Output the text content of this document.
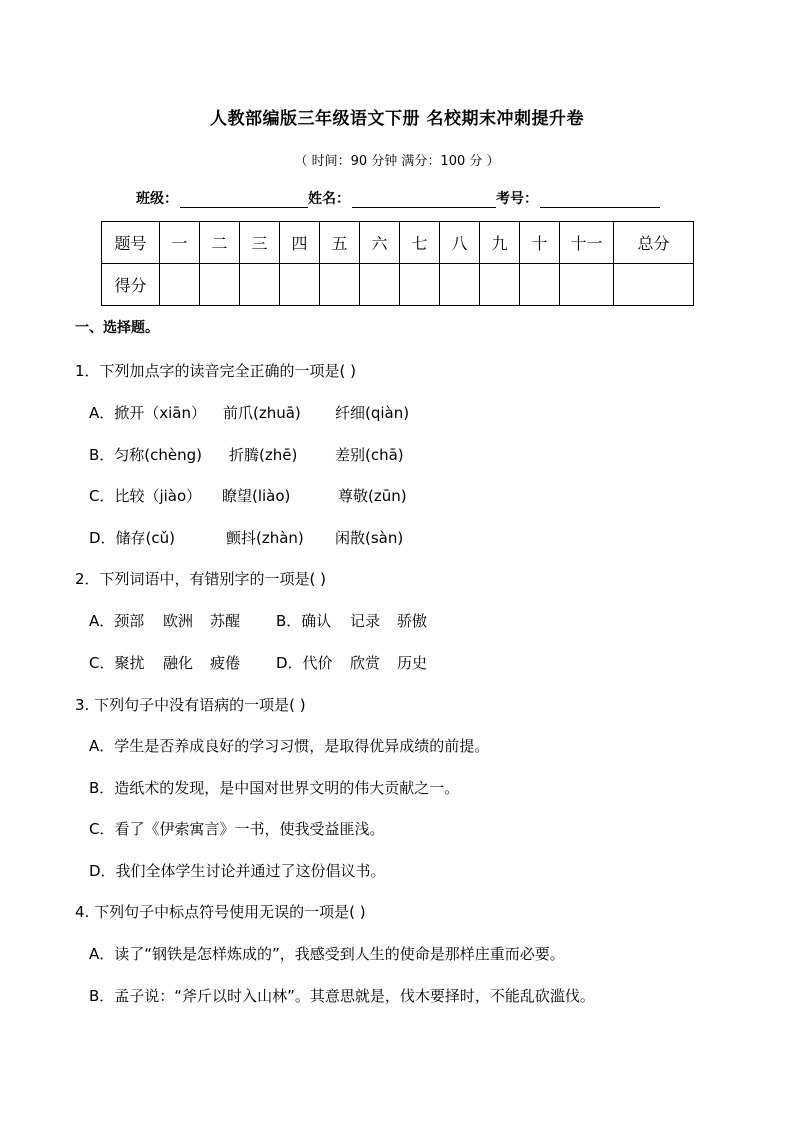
人教部编版三年级语文下册 名校期末冲刺提升卷
（ 时间：90 分钟 满分：100 分 ）
班级：	姓名：	考号：
题号	一	二	三	四	五	六	七	八	九	十	十一	总分
得分												
一、选择题。
1．下列加点字的读音完全正确的一项是( )
A．掀开（xiān） 前爪(zhuā) 纤细(qiàn)
B．匀称(chèng) 折腾(zhē)	差别(chā)
C．比较（jiào） 瞭望(liào)	尊敬(zūn)
D．储存(cǔ)	颤抖(zhàn) 闲散(sàn)
2．下列词语中，有错别字的一项是( )
A．颈部 欧洲 苏醒 B．确认 记录 骄傲
C．聚扰 融化 疲倦 D．代价 欣赏 历史
3. 下列句子中没有语病的一项是( )
A．学生是否养成良好的学习习惯，是取得优异成绩的前提。
B．造纸术的发现，是中国对世界文明的伟大贡献之一。
C．看了《伊索寓言》一书，使我受益匪浅。
D．我们全体学生讨论并通过了这份倡议书。
4. 下列句子中标点符号使用无误的一项是( )
A．读了“钢铁是怎样炼成的”，我感受到人生的使命是那样庄重而必要。
B．孟子说：“斧斤以时入山林”。其意思就是，伐木要择时，不能乱砍滥伐。
